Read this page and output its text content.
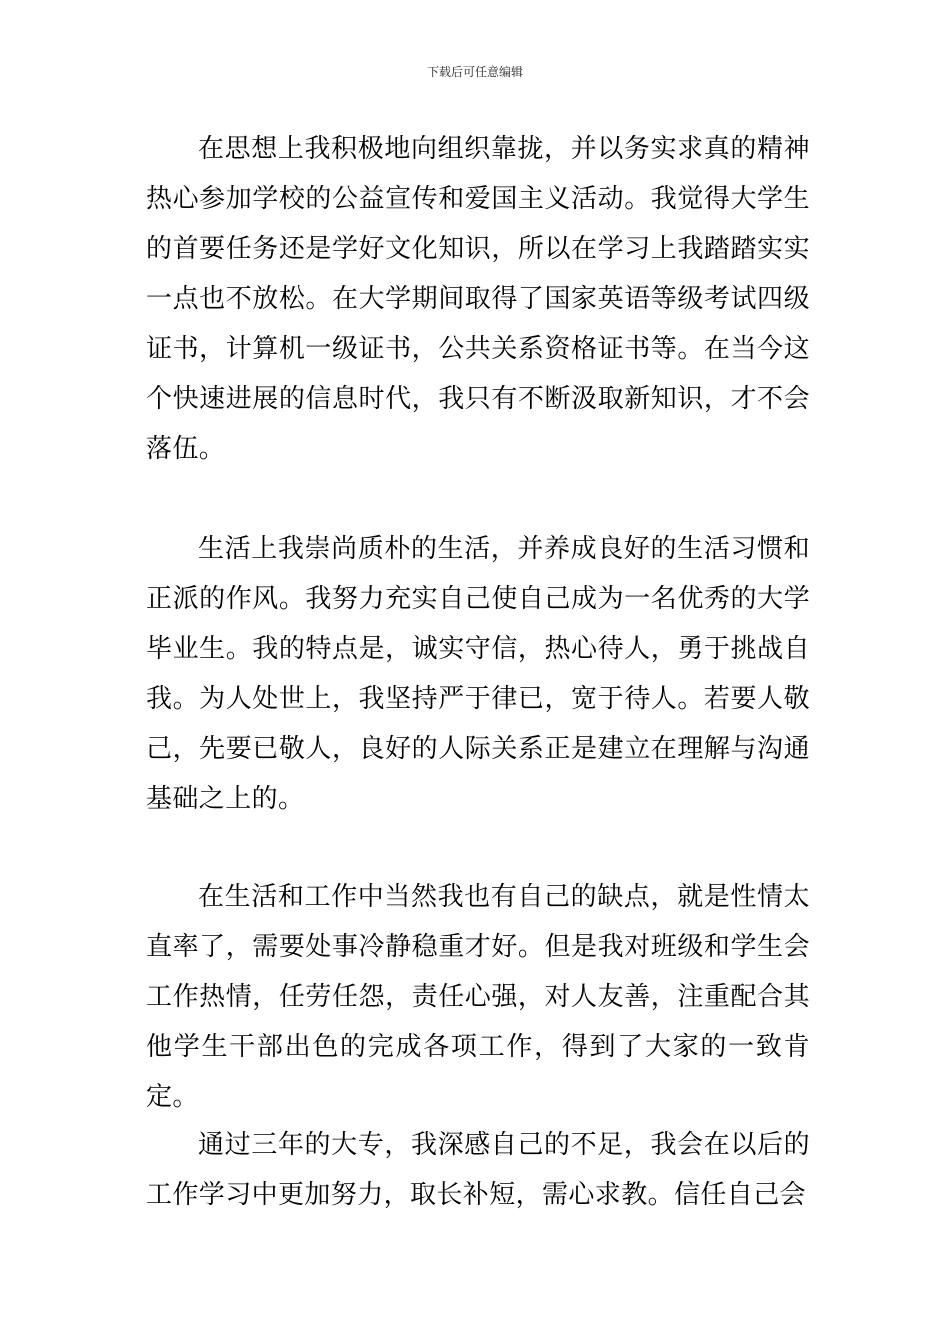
下载后可任意编辑

在思想上我积极地向组织靠拢，并以务实求真的精神热心参加学校的公益宣传和爱国主义活动。我觉得大学生的首要任务还是学好文化知识，所以在学习上我踏踏实实一点也不放松。在大学期间取得了国家英语等级考试四级证书，计算机一级证书，公共关系资格证书等。在当今这个快速进展的信息时代，我只有不断汲取新知识，才不会落伍。

生活上我崇尚质朴的生活，并养成良好的生活习惯和正派的作风。我努力充实自己使自己成为一名优秀的大学毕业生。我的特点是，诚实守信，热心待人，勇于挑战自我。为人处世上，我坚持严于律已，宽于待人。若要人敬己，先要已敬人，良好的人际关系正是建立在理解与沟通基础之上的。

在生活和工作中当然我也有自己的缺点，就是性情太直率了，需要处事冷静稳重才好。但是我对班级和学生会工作热情，任劳任怨，责任心强，对人友善，注重配合其他学生干部出色的完成各项工作，得到了大家的一致肯定。

通过三年的大专，我深感自己的不足，我会在以后的工作学习中更加努力，取长补短，需心求教。信任自己会
